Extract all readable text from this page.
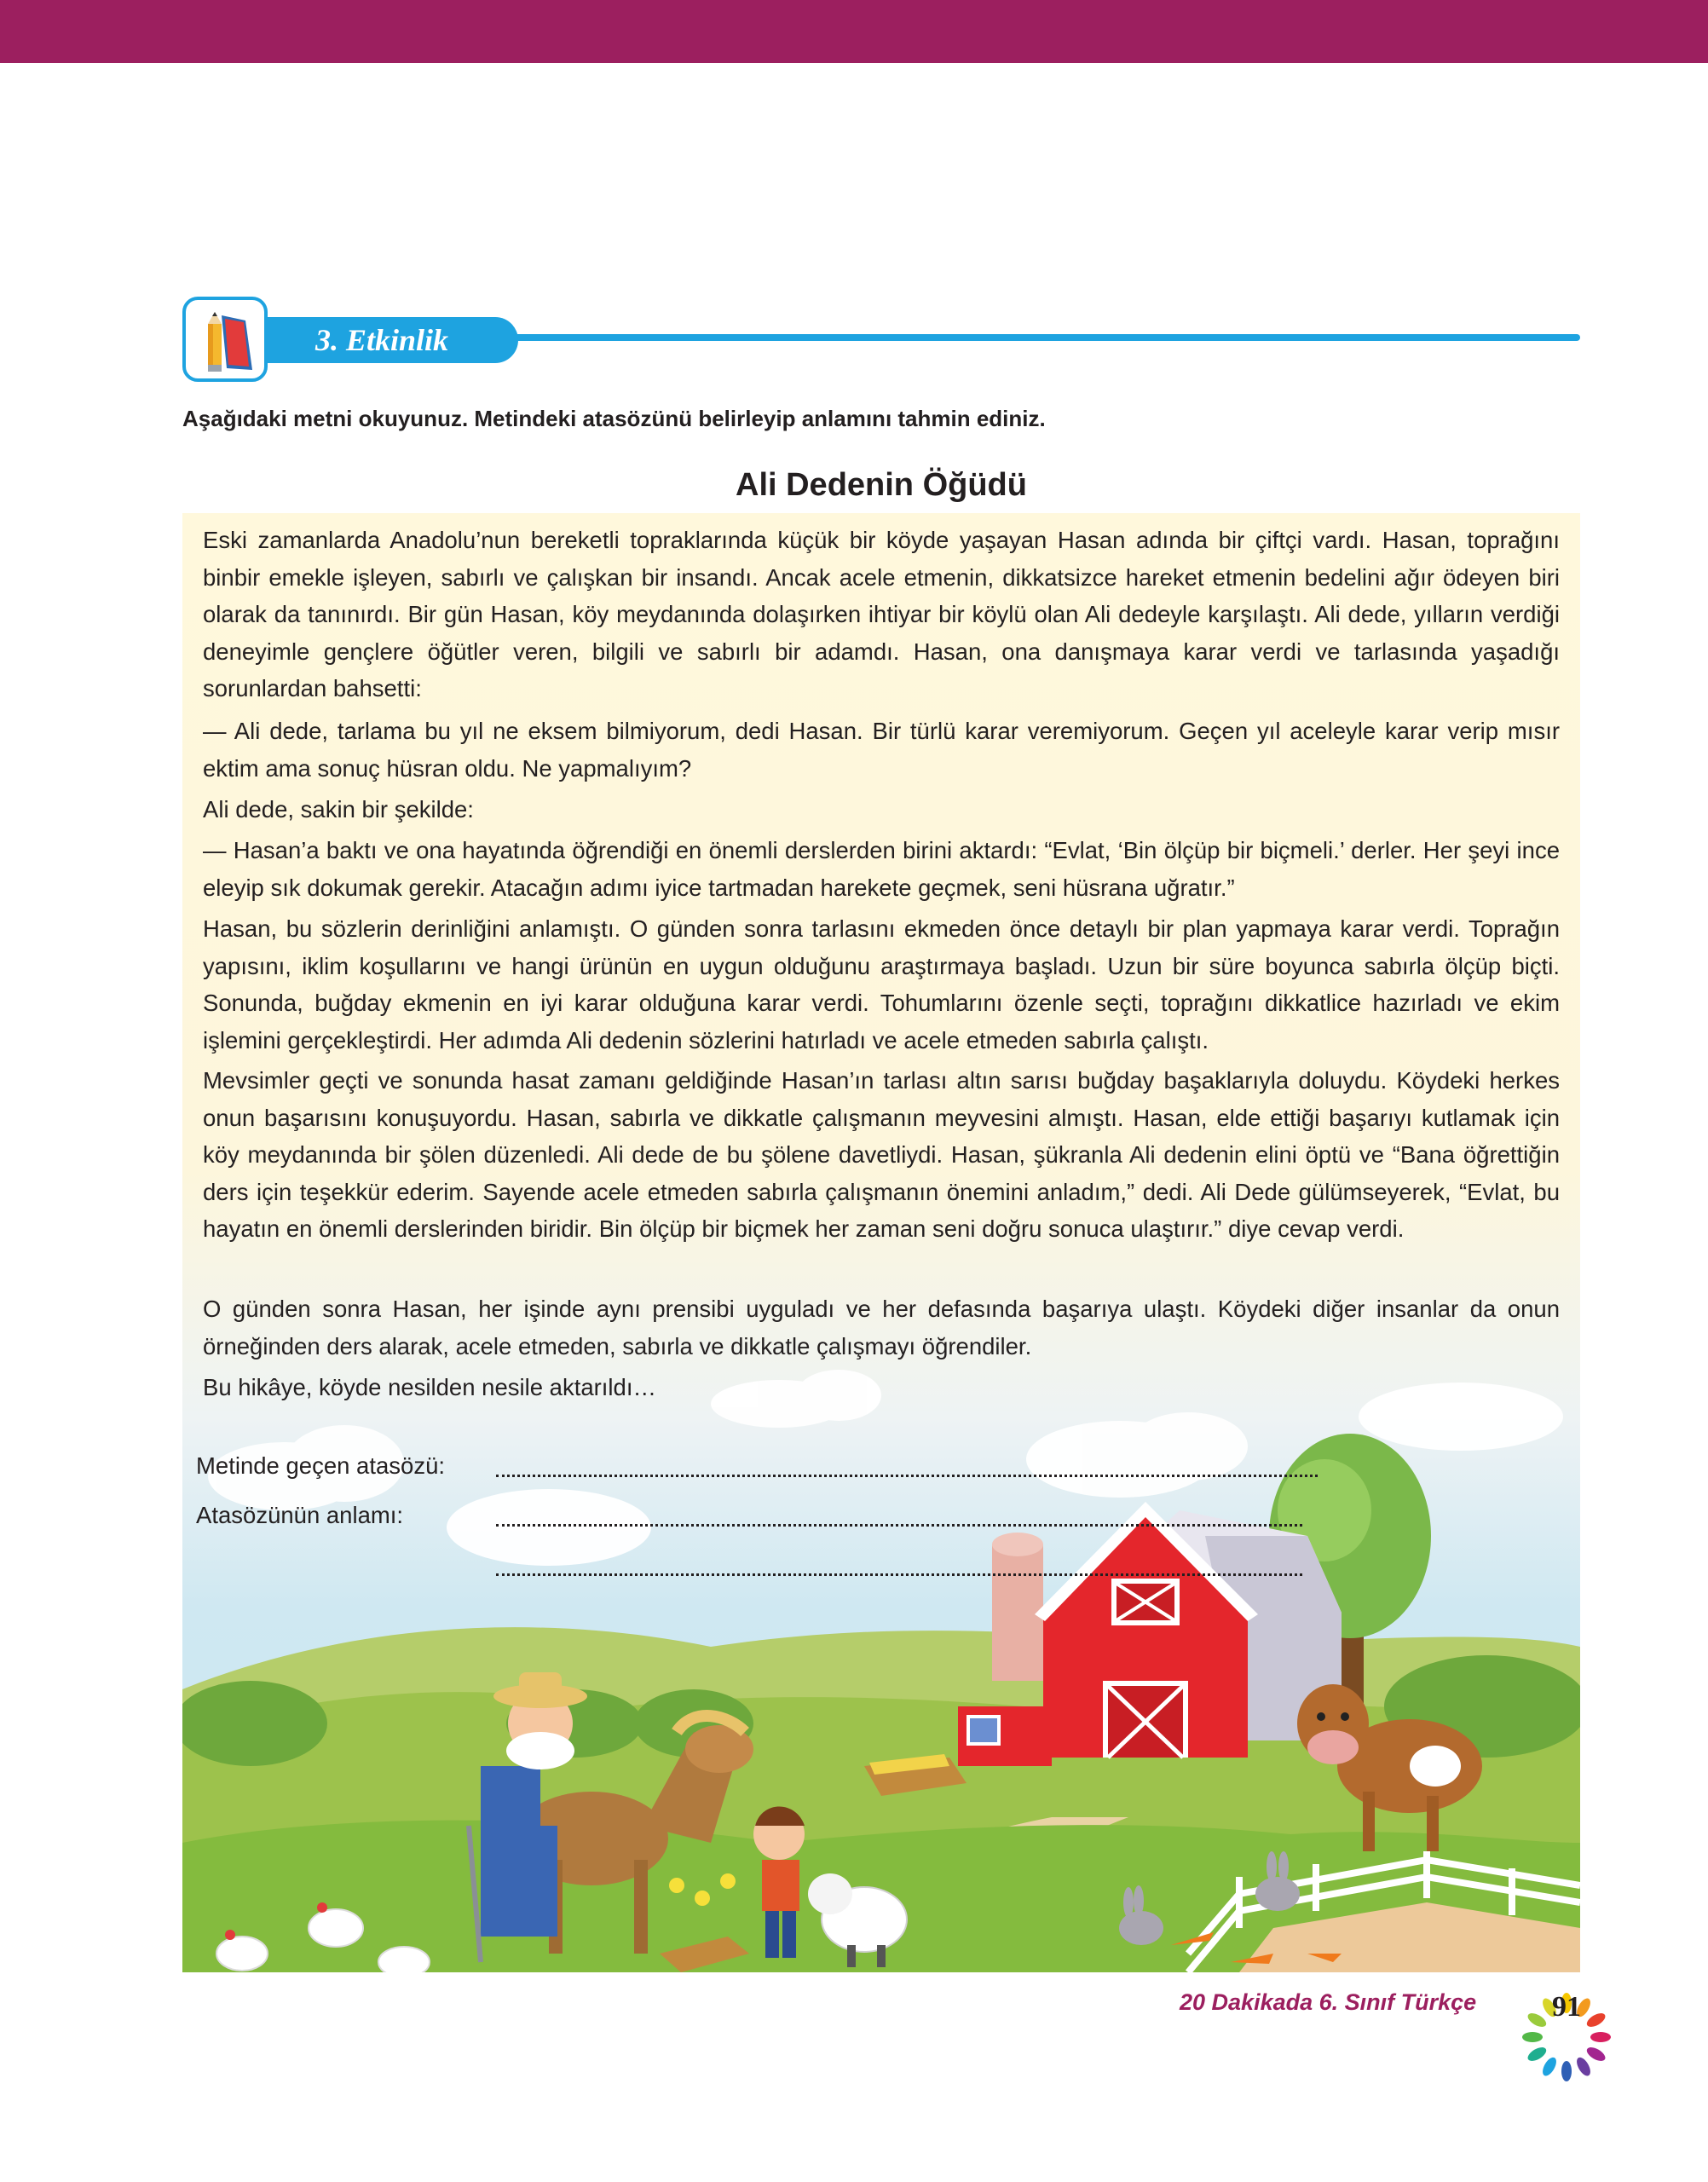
3. Etkinlik
Aşağıdaki metni okuyunuz. Metindeki atasözünü belirleyip anlamını tahmin ediniz.
Ali Dedenin Öğüdü

Eski zamanlarda Anadolu’nun bereketli topraklarında küçük bir köyde yaşayan Hasan adında bir çiftçi vardı. Hasan, toprağını binbir emekle işleyen, sabırlı ve çalışkan bir insandı. Ancak acele etmenin, dikkatsizce hareket etmenin bedelini ağır ödeyen biri olarak da tanınırdı. Bir gün Hasan, köy meydanında dolaşırken ihtiyar bir köylü olan Ali dedeyle karşılaştı. Ali dede, yılların verdiği deneyimle gençlere öğütler veren, bilgili ve sabırlı bir adamdı. Hasan, ona danışmaya karar verdi ve tarlasında yaşadığı sorunlardan bahsetti:

— Ali dede, tarlama bu yıl ne eksem bilmiyorum, dedi Hasan. Bir türlü karar veremiyorum. Geçen yıl aceleyle karar verip mısır ektim ama sonuç hüsran oldu. Ne yapmalıyım?

Ali dede, sakin bir şekilde:

— Hasan’a baktı ve ona hayatında öğrendiği en önemli derslerden birini aktardı: “Evlat, ‘Bin ölçüp bir biçmeli.’ derler. Her şeyi ince eleyip sık dokumak gerekir. Atacağın adımı iyice tartmadan harekete geçmek, seni hüsrana uğratır.”

Hasan, bu sözlerin derinliğini anlamıştı. O günden sonra tarlasını ekmeden önce detaylı bir plan yapmaya karar verdi. Toprağın yapısını, iklim koşullarını ve hangi ürünün en uygun olduğunu araştırmaya başladı. Uzun bir süre boyunca sabırla ölçüp biçti. Sonunda, buğday ekmenin en iyi karar olduğuna karar verdi. Tohumlarını özenle seçti, toprağını dikkatlice hazırladı ve ekim işlemini gerçekleştirdi. Her adımda Ali dedenin sözlerini hatırladı ve acele etmeden sabırla çalıştı.

Mevsimler geçti ve sonunda hasat zamanı geldiğinde Hasan’ın tarlası altın sarısı buğday başaklarıyla doluydu. Köydeki herkes onun başarısını konuşuyordu. Hasan, sabırla ve dikkatle çalışmanın meyvesini almıştı. Hasan, elde ettiği başarıyı kutlamak için köy meydanında bir şölen düzenledi. Ali dede de bu şölene davetliydi. Hasan, şükranla Ali dedenin elini öptü ve “Bana öğrettiğin ders için teşekkür ederim. Sayende acele etmeden sabırla çalışmanın önemini anladım,” dedi. Ali Dede gülümseyerek, “Evlat, bu hayatın en önemli derslerinden biridir. Bin ölçüp bir biçmek her zaman seni doğru sonuca ulaştırır.” diye cevap verdi.

O günden sonra Hasan, her işinde aynı prensibi uyguladı ve her defasında başarıya ulaştı. Köydeki diğer insanlar da onun örneğinden ders alarak, acele etmeden, sabırla ve dikkatle çalışmayı öğrendiler.

Bu hikâye, köyde nesilden nesile aktarıldı…

Metinde geçen atasözü:
Atasözünün anlamı:
20 Dakikada 6. Sınıf Türkçe	91
